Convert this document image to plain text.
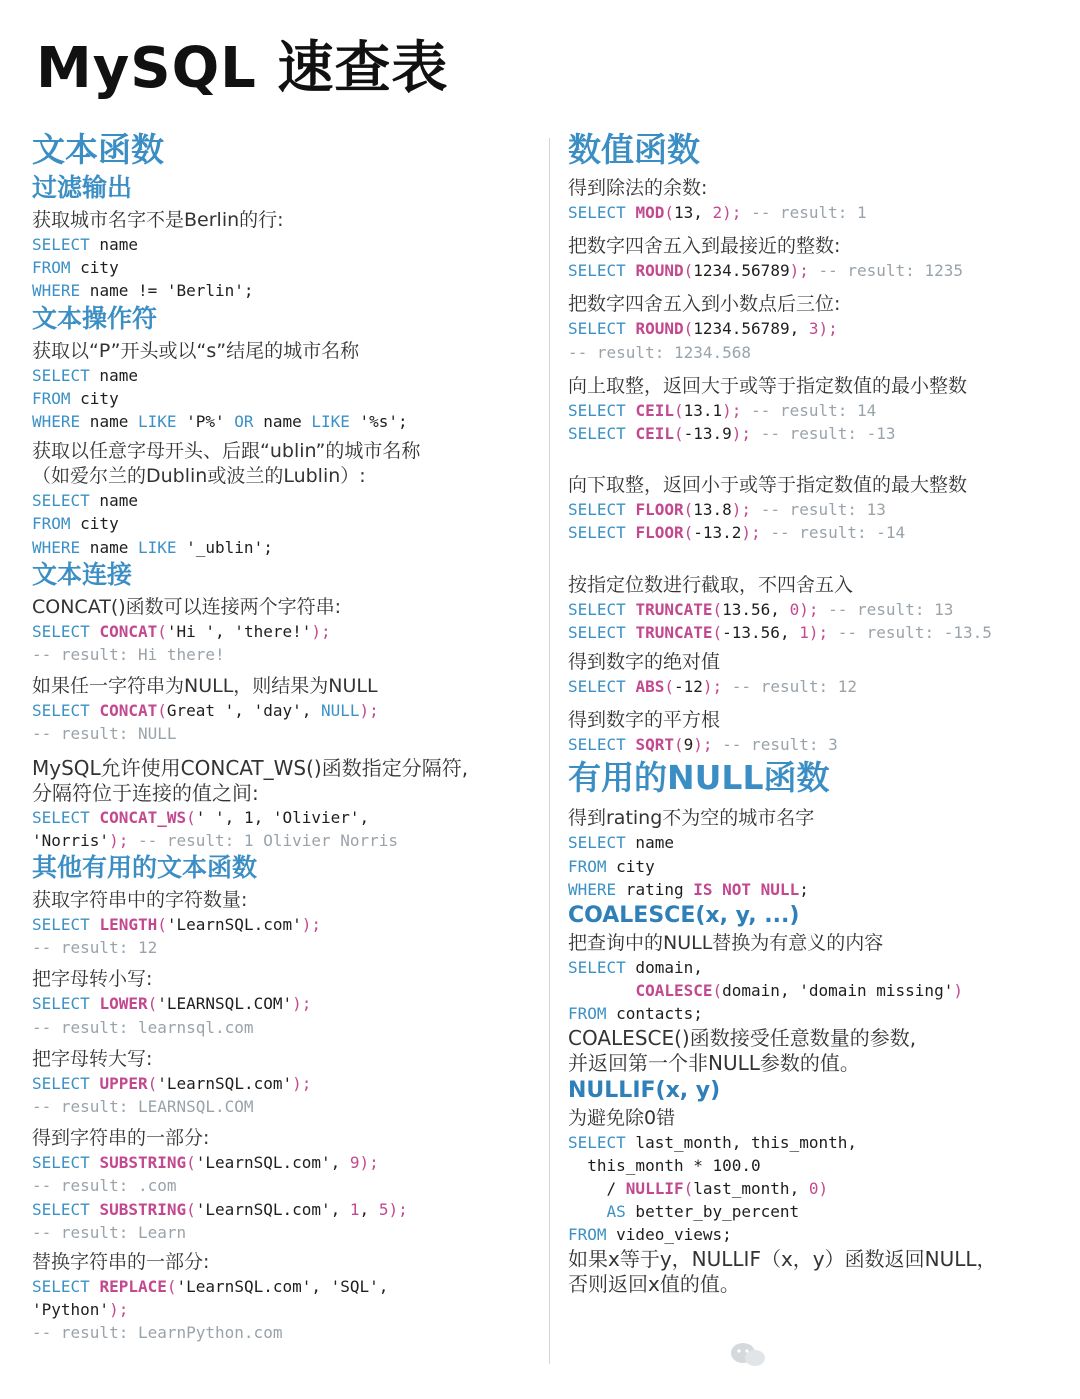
MySQL 速查表
文本函数
过滤输出

获取城市名字不是Berlin的行:

SELECT name
FROM city
WHERE name != 'Berlin';
文本操作符

获取以“P”开头或以“s”结尾的城市名称

SELECT name
FROM city
WHERE name LIKE 'P%' OR name LIKE '%s';

获取以任意字母开头、后跟“ublin”的城市名称

（如爱尔兰的Dublin或波兰的Lublin）:

SELECT name
FROM city
WHERE name LIKE '_ublin';
文本连接

CONCAT()函数可以连接两个字符串:

SELECT CONCAT('Hi ', 'there!');
-- result: Hi there!

如果任一字符串为NULL，则结果为NULL

SELECT CONCAT(Great ', 'day', NULL);
-- result: NULL

MySQL允许使用CONCAT_WS()函数指定分隔符,

分隔符位于连接的值之间:

SELECT CONCAT_WS(' ', 1, 'Olivier',
'Norris'); -- result: 1 Olivier Norris
其他有用的文本函数

获取字符串中的字符数量:

SELECT LENGTH('LearnSQL.com');
-- result: 12

把字母转小写:

SELECT LOWER('LEARNSQL.COM');
-- result: learnsql.com

把字母转大写:

SELECT UPPER('LearnSQL.com');
-- result: LEARNSQL.COM

得到字符串的一部分:

SELECT SUBSTRING('LearnSQL.com', 9);
-- result: .com
SELECT SUBSTRING('LearnSQL.com', 1, 5);
-- result: Learn

替换字符串的一部分:

SELECT REPLACE('LearnSQL.com', 'SQL',
'Python');
-- result: LearnPython.com
数值函数

得到除法的余数:

SELECT MOD(13, 2); -- result: 1

把数字四舍五入到最接近的整数:

SELECT ROUND(1234.56789); -- result: 1235

把数字四舍五入到小数点后三位:

SELECT ROUND(1234.56789, 3);
-- result: 1234.568

向上取整，返回大于或等于指定数值的最小整数

SELECT CEIL(13.1); -- result: 14
SELECT CEIL(-13.9); -- result: -13

向下取整，返回小于或等于指定数值的最大整数

SELECT FLOOR(13.8); -- result: 13
SELECT FLOOR(-13.2); -- result: -14

按指定位数进行截取，不四舍五入

SELECT TRUNCATE(13.56, 0); -- result: 13
SELECT TRUNCATE(-13.56, 1); -- result: -13.5

得到数字的绝对值

SELECT ABS(-12); -- result: 12

得到数字的平方根

SELECT SQRT(9); -- result: 3
有用的NULL函数

得到rating不为空的城市名字

SELECT name
FROM city
WHERE rating IS NOT NULL;
COALESCE(x, y, ...)

把查询中的NULL替换为有意义的内容

SELECT domain,
COALESCE(domain, 'domain missing')
FROM contacts;

COALESCE()函数接受任意数量的参数,

并返回第一个非NULL参数的值。

NULLIF(x, y)

为避免除0错

SELECT last_month, this_month,
this_month * 100.0
/ NULLIF(last_month, 0)
AS better_by_percent
FROM video_views;

如果x等于y，NULLIF（x，y）函数返回NULL，

否则返回x值的值。
